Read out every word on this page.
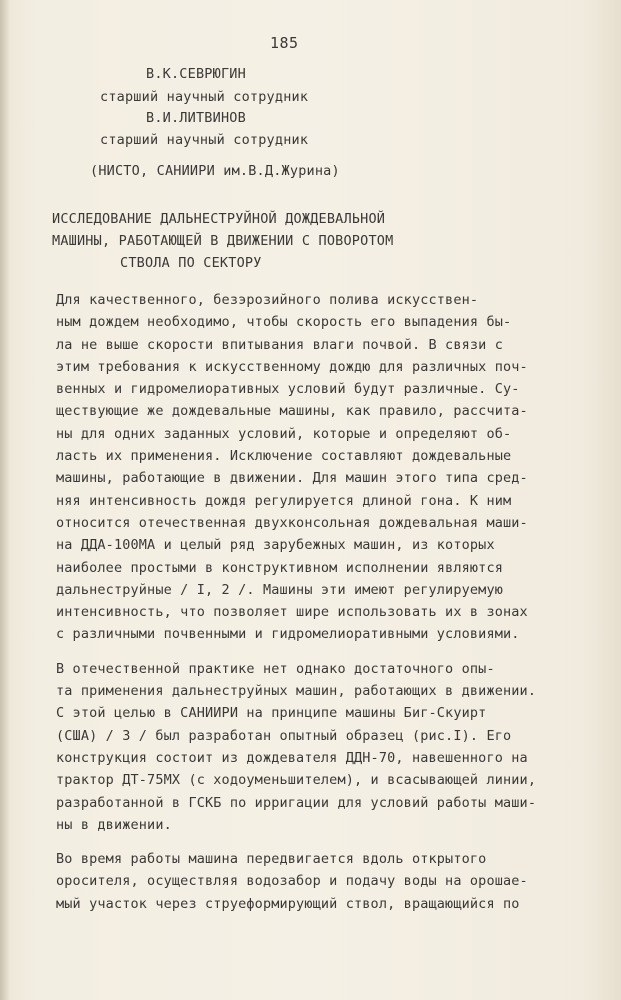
185
В.К.СЕВРЮГИН
старший научный сотрудник
В.И.ЛИТВИНОВ
старший научный сотрудник
(НИСТО, САНИИРИ им.В.Д.Журина)
ИССЛЕДОВАНИЕ ДАЛЬНЕСТРУЙНОЙ ДОЖДЕВАЛЬНОЙ
МАШИНЫ, РАБОТАЮЩЕЙ В ДВИЖЕНИИ С ПОВОРОТОМ
СТВОЛА ПО СЕКТОРУ
Для качественного, безэрозийного полива искусствен-
ным дождем необходимо, чтобы скорость его выпадения бы-
ла не выше скорости впитывания влаги почвой. В связи с
этим требования к искусственному дождю для различных поч-
венных и гидромелиоративных условий будут различные. Су-
ществующие же дождевальные машины, как правило, рассчита-
ны для одних заданных условий, которые и определяют об-
ласть их применения. Исключение составляют дождевальные
машины, работающие в движении. Для машин этого типа сред-
няя интенсивность дождя регулируется длиной гона. К ним
относится отечественная двухконсольная дождевальная маши-
на ДДА-100МА и целый ряд зарубежных машин, из которых
наиболее простыми в конструктивном исполнении являются
дальнеструйные / I, 2 /. Машины эти имеют регулируемую
интенсивность, что позволяет шире использовать их в зонах
с различными почвенными и гидромелиоративными условиями.
В отечественной практике нет однако достаточного опы-
та применения дальнеструйных машин, работающих в движении.
С этой целью в САНИИРИ на принципе машины Биг-Скуирт
(США) / 3 / был разработан опытный образец (рис.I). Его
конструкция состоит из дождевателя ДДН-70, навешенного на
трактор ДТ-75МХ (с ходоуменьшителем), и всасывающей линии,
разработанной в ГСКБ по ирригации для условий работы маши-
ны в движении.
Во время работы машина передвигается вдоль открытого
оросителя, осуществляя водозабор и подачу воды на орошае-
мый участок через струеформирующий ствол, вращающийся по
